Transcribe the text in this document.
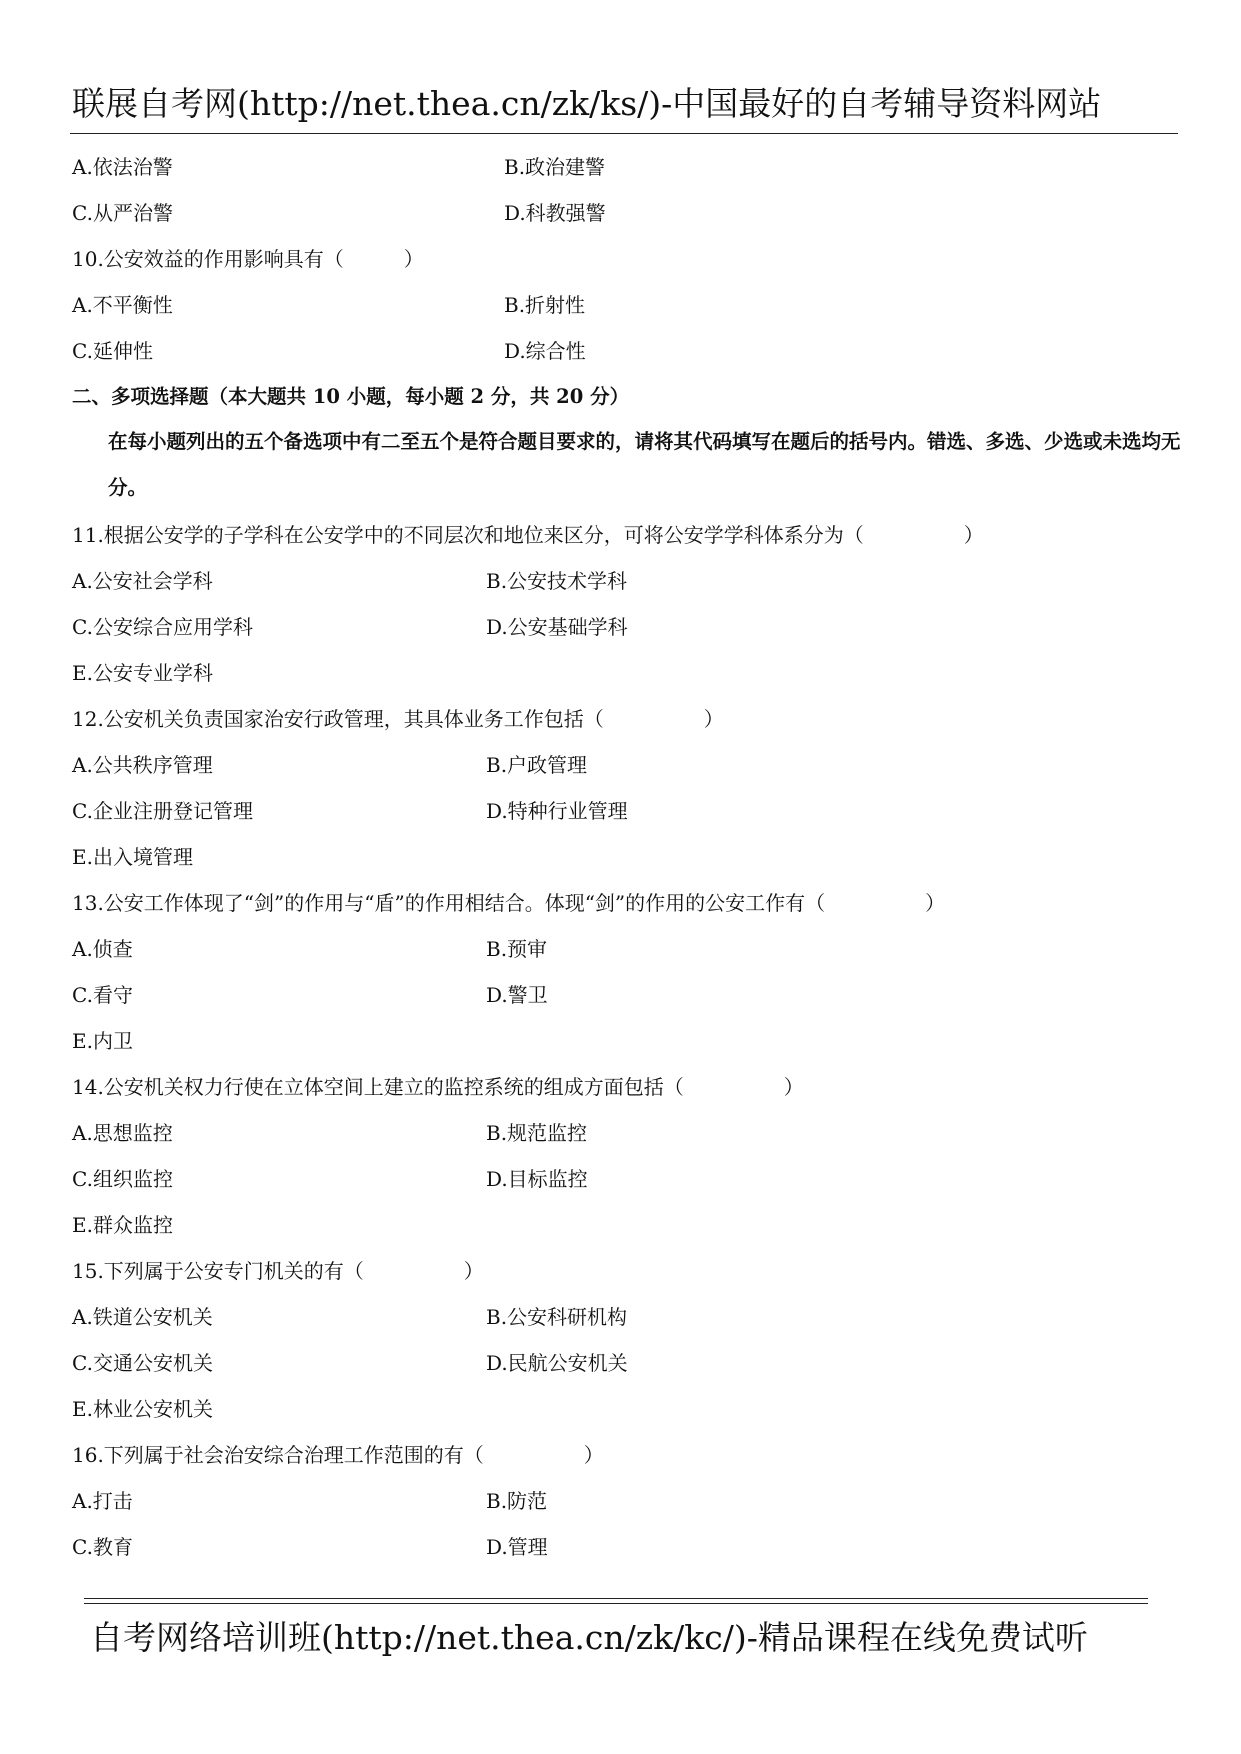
联展自考网(http://net.thea.cn/zk/ks/)-中国最好的自考辅导资料网站
A.依法治警	B.政治建警
C.从严治警	D.科教强警
10.公安效益的作用影响具有（　　　）
A.不平衡性	B.折射性
C.延伸性	D.综合性
二、多项选择题（本大题共 10 小题，每小题 2 分，共 20 分）
在每小题列出的五个备选项中有二至五个是符合题目要求的，请将其代码填写在题后的括号内。错选、多选、少选或未选均无分。
11.根据公安学的子学科在公安学中的不同层次和地位来区分，可将公安学学科体系分为（　　　　　）
A.公安社会学科	B.公安技术学科
C.公安综合应用学科	D.公安基础学科
E.公安专业学科
12.公安机关负责国家治安行政管理，其具体业务工作包括（　　　　　）
A.公共秩序管理	B.户政管理
C.企业注册登记管理	D.特种行业管理
E.出入境管理
13.公安工作体现了“剑”的作用与“盾”的作用相结合。体现“剑”的作用的公安工作有（　　　　　）
A.侦查	B.预审
C.看守	D.警卫
E.内卫
14.公安机关权力行使在立体空间上建立的监控系统的组成方面包括（　　　　　）
A.思想监控	B.规范监控
C.组织监控	D.目标监控
E.群众监控
15.下列属于公安专门机关的有（　　　　　）
A.铁道公安机关	B.公安科研机构
C.交通公安机关	D.民航公安机关
E.林业公安机关
16.下列属于社会治安综合治理工作范围的有（　　　　　）
A.打击	B.防范
C.教育	D.管理
自考网络培训班(http://net.thea.cn/zk/kc/)-精品课程在线免费试听
